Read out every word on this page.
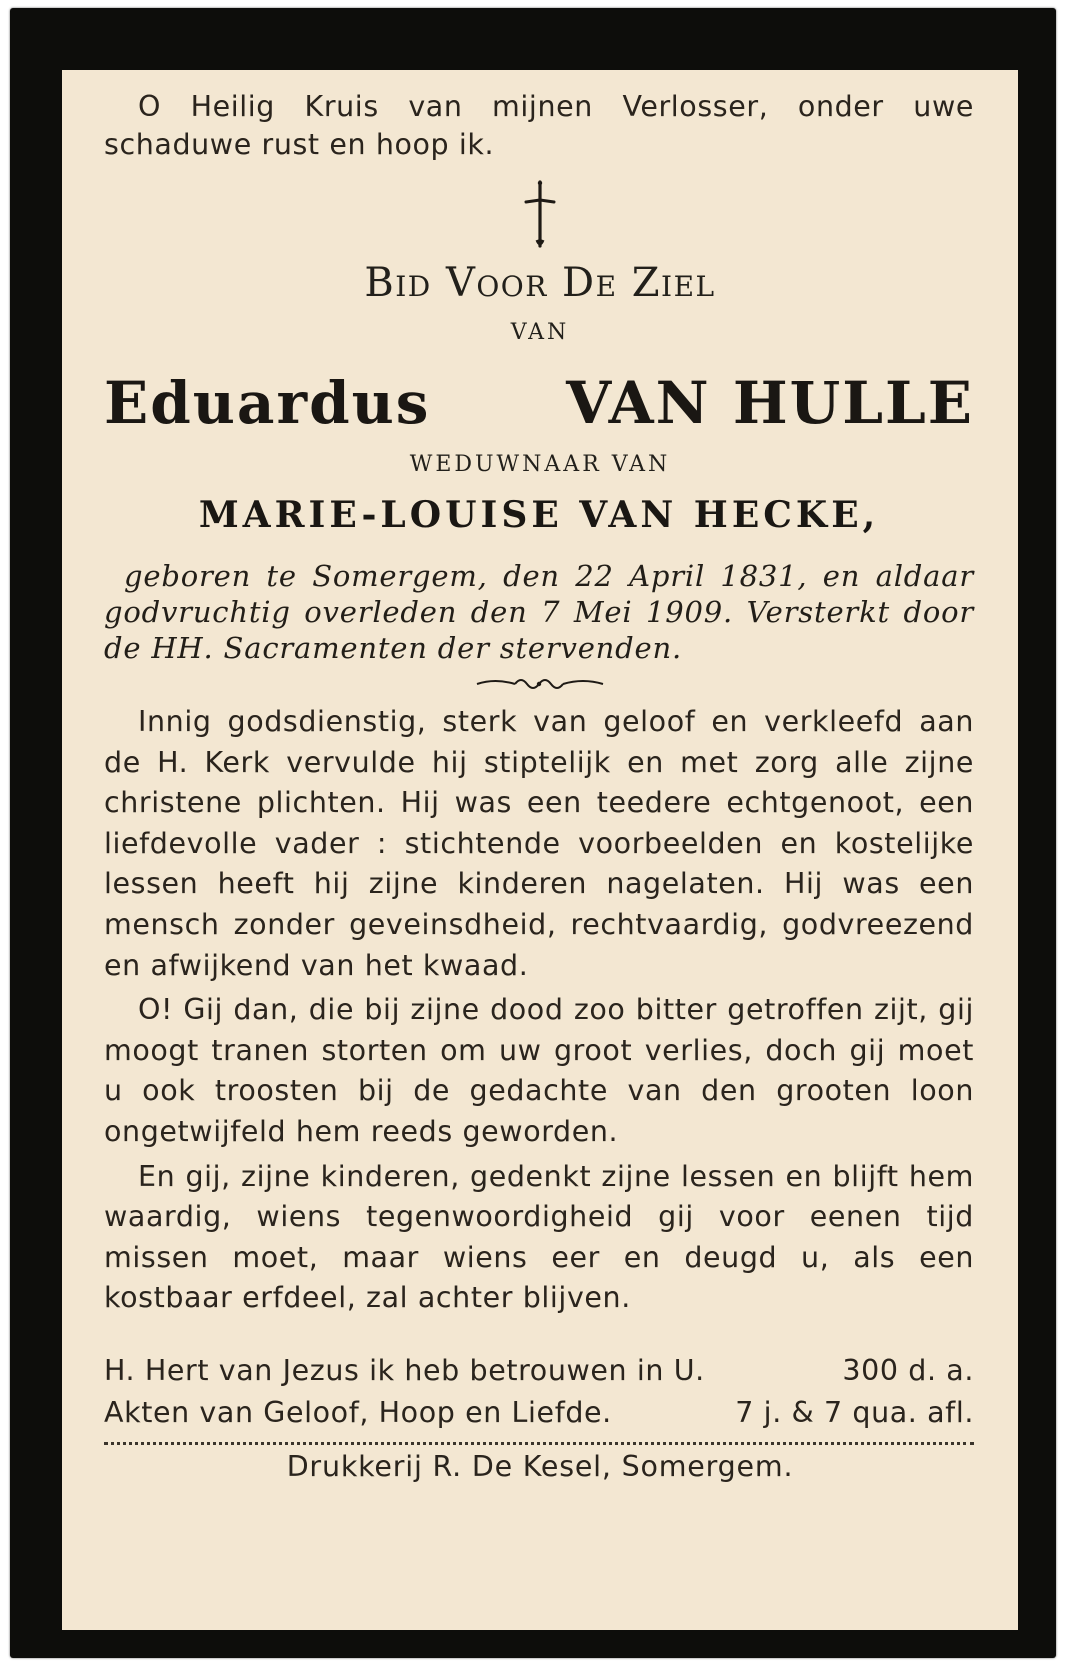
O Heilig Kruis van mijnen Verlosser, onder uwe schaduwe rust en hoop ik.
Bid Voor De Ziel
VAN
Eduardus VAN HULLE
WEDUWNAAR VAN
MARIE-LOUISE VAN HECKE,
geboren te Somergem, den 22 April 1831, en aldaar godvruchtig overleden den 7 Mei 1909. Versterkt door de HH. Sacramenten der stervenden.

Innig godsdienstig, sterk van geloof en verkleefd aan de H. Kerk vervulde hij stiptelijk en met zorg alle zijne christene plichten. Hij was een teedere echtgenoot, een liefdevolle vader : stichtende voorbeelden en kostelijke lessen heeft hij zijne kinderen nagelaten. Hij was een mensch zonder geveinsdheid, rechtvaardig, godvreezend en afwijkend van het kwaad.

O! Gij dan, die bij zijne dood zoo bitter getroffen zijt, gij moogt tranen storten om uw groot verlies, doch gij moet u ook troosten bij de gedachte van den grooten loon ongetwijfeld hem reeds geworden.

En gij, zijne kinderen, gedenkt zijne lessen en blijft hem waardig, wiens tegenwoordigheid gij voor eenen tijd missen moet, maar wiens eer en deugd u, als een kostbaar erfdeel, zal achter blijven.

H. Hert van Jezus ik heb betrouwen in U.	300 d. a.
Akten van Geloof, Hoop en Liefde.	7 j. & 7 qua. afl.
Drukkerij R. De Kesel, Somergem.
